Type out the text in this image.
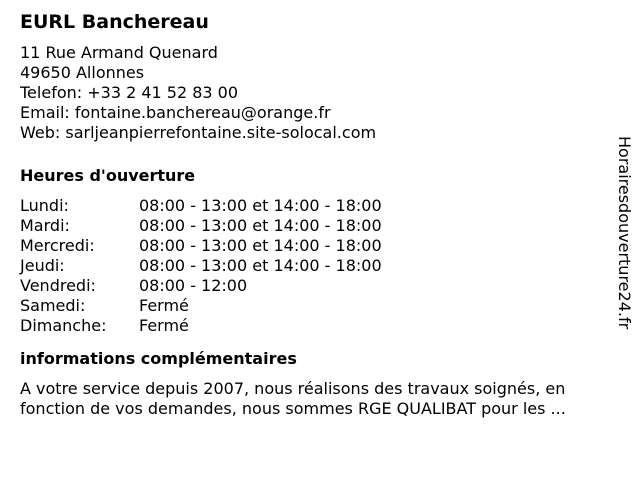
EURL Banchereau
11 Rue Armand Quenard
49650 Allonnes
Telefon: +33 2 41 52 83 00
Email: fontaine.banchereau@orange.fr
Web: sarljeanpierrefontaine.site-solocal.com
Heures d'ouverture
Lundi:	08:00 - 13:00 et 14:00 - 18:00
Mardi:	08:00 - 13:00 et 14:00 - 18:00
Mercredi:	08:00 - 13:00 et 14:00 - 18:00
Jeudi:	08:00 - 13:00 et 14:00 - 18:00
Vendredi:	08:00 - 12:00
Samedi:	Fermé
Dimanche:	Fermé
informations complémentaires
A votre service depuis 2007, nous réalisons des travaux soignés, en fonction de vos demandes, nous sommes RGE QUALIBAT pour les ...
Horairesdouverture24.fr
